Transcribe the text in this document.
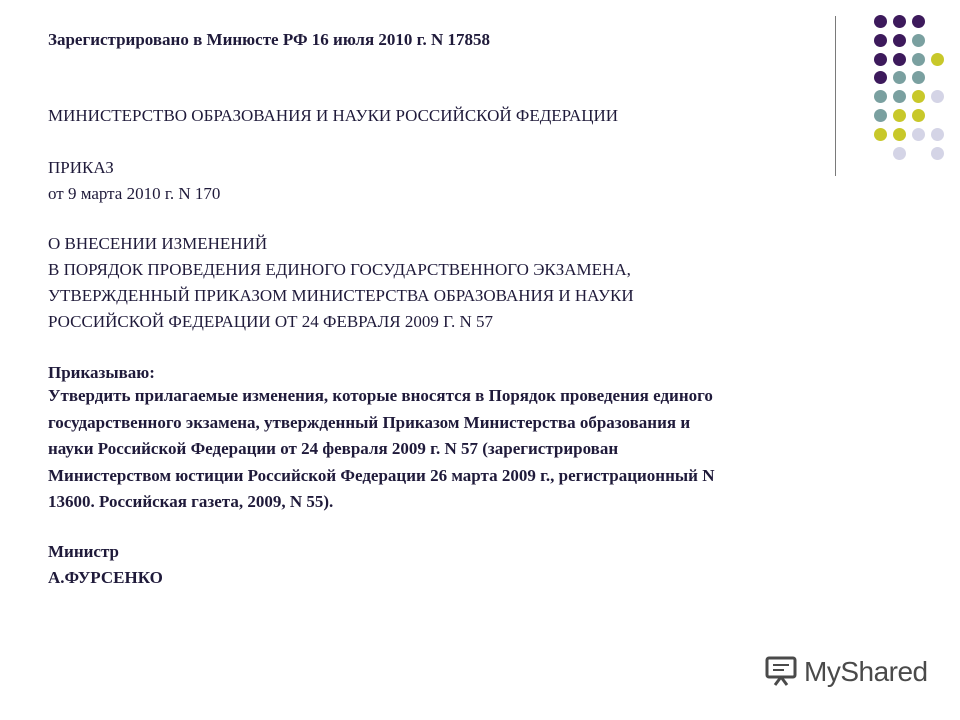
Зарегистрировано в Минюсте РФ 16 июля 2010 г. N 17858
МИНИСТЕРСТВО ОБРАЗОВАНИЯ И НАУКИ РОССИЙСКОЙ ФЕДЕРАЦИИ
ПРИКАЗ
от 9 марта 2010 г. N 170
О ВНЕСЕНИИ ИЗМЕНЕНИЙ
В ПОРЯДОК ПРОВЕДЕНИЯ ЕДИНОГО ГОСУДАРСТВЕННОГО ЭКЗАМЕНА,
УТВЕРЖДЕННЫЙ ПРИКАЗОМ МИНИСТЕРСТВА ОБРАЗОВАНИЯ И НАУКИ
РОССИЙСКОЙ ФЕДЕРАЦИИ ОТ 24 ФЕВРАЛЯ 2009 Г. N 57
Приказываю:
Утвердить прилагаемые изменения, которые вносятся в Порядок проведения единого
государственного экзамена, утвержденный Приказом Министерства образования и
науки Российской Федерации от 24 февраля 2009 г. N 57 (зарегистрирован
Министерством юстиции Российской Федерации 26 марта 2009 г., регистрационный N
13600. Российская газета, 2009, N 55).
Министр
А.ФУРСЕНКО
MyShared
